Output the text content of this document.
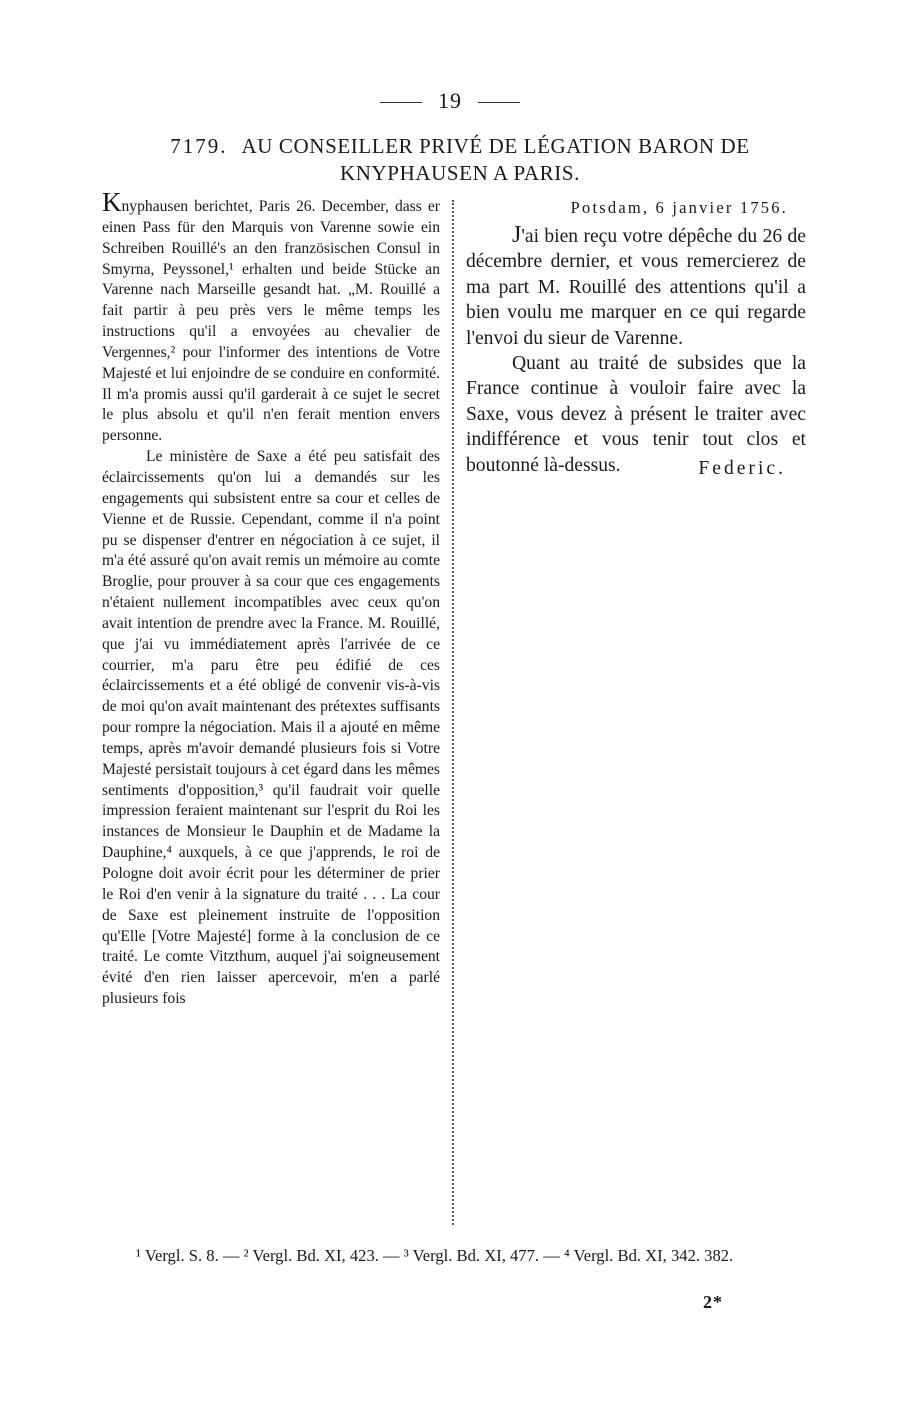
19
7179. AU CONSEILLER PRIVÉ DE LÉGATION BARON DE
KNYPHAUSEN A PARIS.

Knyphausen berichtet, Paris 26. December, dass er einen Pass für den Marquis von Varenne sowie ein Schreiben Rouillé's an den französischen Consul in Smyrna, Peyssonel,¹ erhalten und beide Stücke an Varenne nach Marseille gesandt hat. „M. Rouillé a fait partir à peu près vers le même temps les instructions qu'il a envoyées au chevalier de Vergennes,² pour l'informer des intentions de Votre Majesté et lui enjoindre de se conduire en conformité. Il m'a promis aussi qu'il garderait à ce sujet le secret le plus absolu et qu'il n'en ferait mention envers personne.

Le ministère de Saxe a été peu satisfait des éclaircissements qu'on lui a demandés sur les engagements qui subsistent entre sa cour et celles de Vienne et de Russie. Cependant, comme il n'a point pu se dispenser d'entrer en négociation à ce sujet, il m'a été assuré qu'on avait remis un mémoire au comte Broglie, pour prouver à sa cour que ces engagements n'étaient nullement incompatibles avec ceux qu'on avait intention de prendre avec la France. M. Rouillé, que j'ai vu immédiatement après l'arrivée de ce courrier, m'a paru être peu édifié de ces éclaircissements et a été obligé de convenir vis-à-vis de moi qu'on avait maintenant des prétextes suffisants pour rompre la négociation. Mais il a ajouté en même temps, après m'avoir demandé plusieurs fois si Votre Majesté persistait toujours à cet égard dans les mêmes sentiments d'opposition,³ qu'il faudrait voir quelle impression feraient maintenant sur l'esprit du Roi les instances de Monsieur le Dauphin et de Madame la Dauphine,⁴ auxquels, à ce que j'apprends, le roi de Pologne doit avoir écrit pour les déterminer de prier le Roi d'en venir à la signature du traité . . . La cour de Saxe est pleinement instruite de l'opposition qu'Elle [Votre Majesté] forme à la conclusion de ce traité. Le comte Vitzthum, auquel j'ai soigneusement évité d'en rien laisser apercevoir, m'en a parlé plusieurs fois

Potsdam, 6 janvier 1756.

J'ai bien reçu votre dépêche du 26 de décembre dernier, et vous remercierez de ma part M. Rouillé des attentions qu'il a bien voulu me marquer en ce qui regarde l'envoi du sieur de Varenne.

Quant au traité de subsides que la France continue à vouloir faire avec la Saxe, vous devez à présent le traiter avec indifférence et vous tenir tout clos et boutonné là-dessus.	Federic.

¹ Vergl. S. 8. — ² Vergl. Bd. XI, 423. — ³ Vergl. Bd. XI, 477. — ⁴ Vergl. Bd. XI, 342. 382.

2*
